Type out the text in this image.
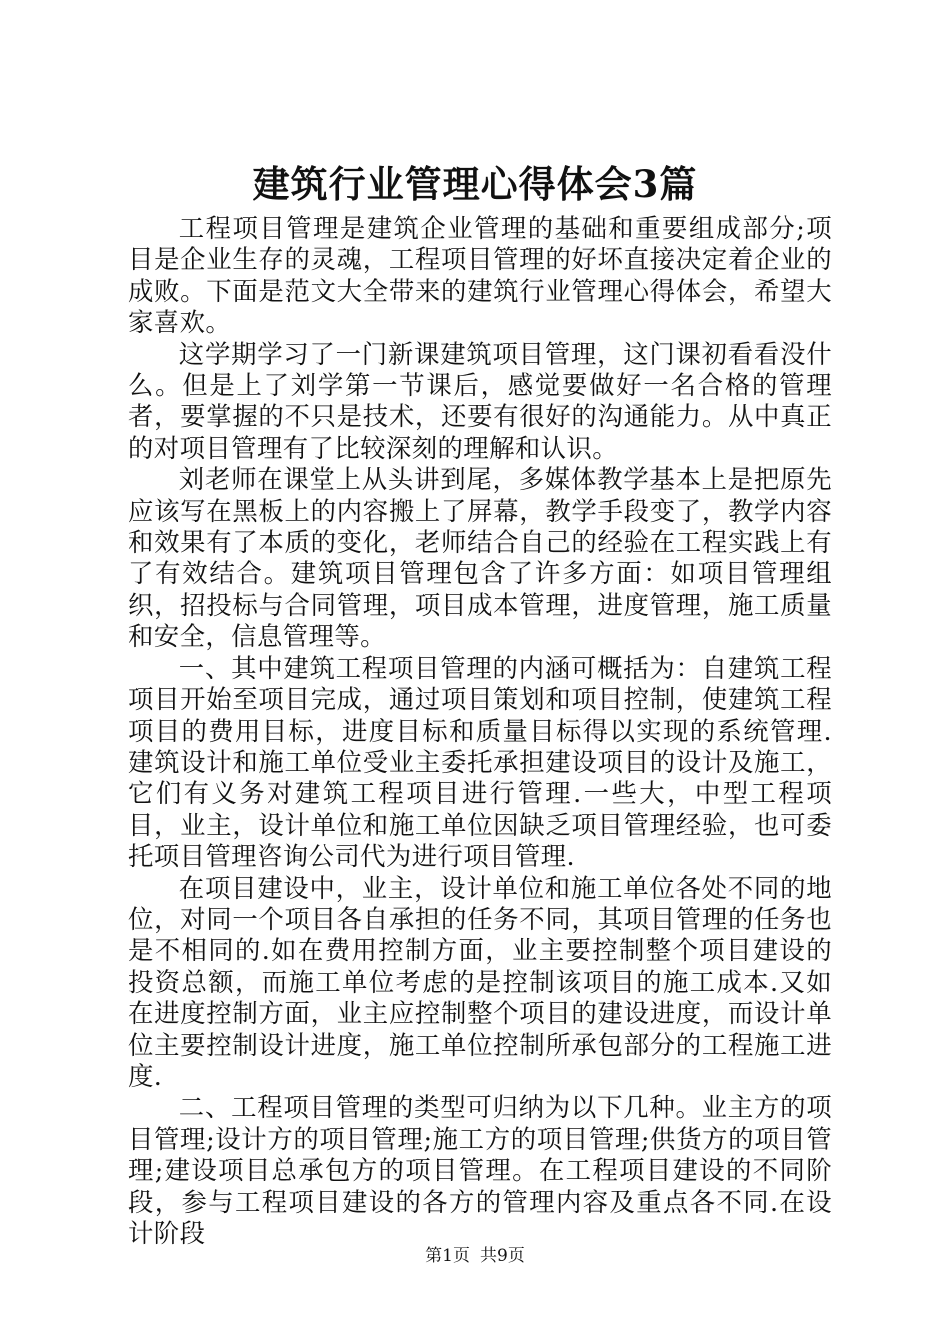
建筑行业管理心得体会3篇

工程项目管理是建筑企业管理的基础和重要组成部分;项目是企业生存的灵魂，工程项目管理的好坏直接决定着企业的成败。下面是范文大全带来的建筑行业管理心得体会，希望大家喜欢。

这学期学习了一门新课建筑项目管理，这门课初看看没什么。但是上了刘学第一节课后，感觉要做好一名合格的管理者，要掌握的不只是技术，还要有很好的沟通能力。从中真正的对项目管理有了比较深刻的理解和认识。

刘老师在课堂上从头讲到尾，多媒体教学基本上是把原先应该写在黑板上的内容搬上了屏幕，教学手段变了，教学内容和效果有了本质的变化，老师结合自己的经验在工程实践上有了有效结合。建筑项目管理包含了许多方面：如项目管理组织，招投标与合同管理，项目成本管理，进度管理，施工质量和安全，信息管理等。

一、其中建筑工程项目管理的内涵可概括为：自建筑工程项目开始至项目完成，通过项目策划和项目控制，使建筑工程项目的费用目标，进度目标和质量目标得以实现的系统管理.建筑设计和施工单位受业主委托承担建设项目的设计及施工，它们有义务对建筑工程项目进行管理.一些大，中型工程项目，业主，设计单位和施工单位因缺乏项目管理经验，也可委托项目管理咨询公司代为进行项目管理.

在项目建设中，业主，设计单位和施工单位各处不同的地位，对同一个项目各自承担的任务不同，其项目管理的任务也是不相同的.如在费用控制方面，业主要控制整个项目建设的投资总额，而施工单位考虑的是控制该项目的施工成本.又如在进度控制方面，业主应控制整个项目的建设进度，而设计单位主要控制设计进度，施工单位控制所承包部分的工程施工进度.

二、工程项目管理的类型可归纳为以下几种。业主方的项目管理;设计方的项目管理;施工方的项目管理;供货方的项目管理;建设项目总承包方的项目管理。在工程项目建设的不同阶段，参与工程项目建设的各方的管理内容及重点各不同.在设计阶段

第1页 共9页
